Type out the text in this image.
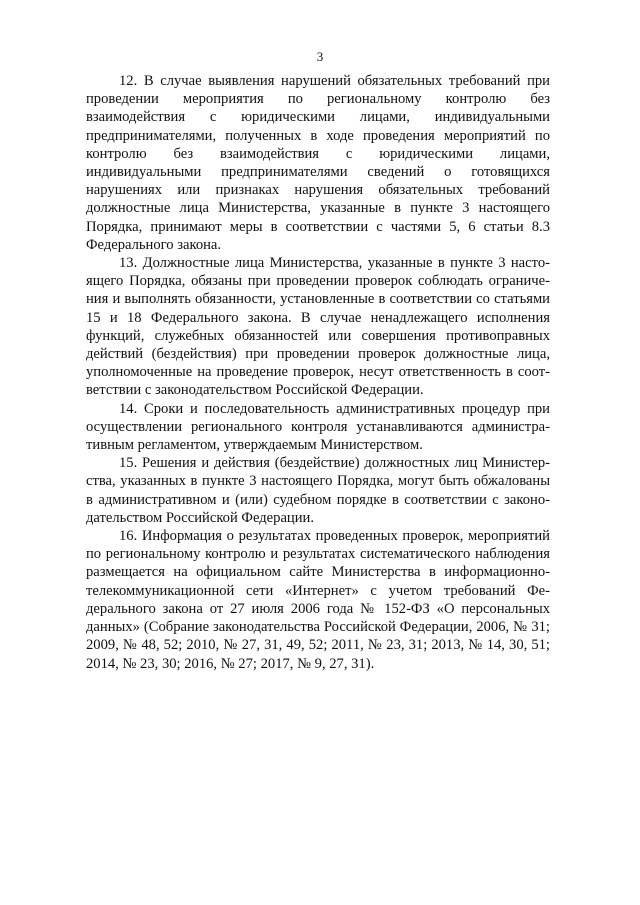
3

12. В случае выявления нарушений обязательных требований при проведении мероприятия по региональному контролю без взаимодействия с юридическими лицами, индивидуальными предпринимателями, полученных в ходе проведения мероприятий по контролю без взаимодействия с юридическими лицами, индивидуальными предпринимателями сведений о готовящихся нарушениях или признаках нарушения обязательных требований должностные лица Министерства, указанные в пункте 3 настоящего Порядка, принимают меры в соответствии с частями 5, 6 статьи 8.3 Федерального закона.

13. Должностные лица Министерства, указанные в пункте 3 настоящего Порядка, обязаны при проведении проверок соблюдать ограничения и выполнять обязанности, установленные в соответствии со статьями 15 и 18 Федерального закона. В случае ненадлежащего исполнения функций, служебных обязанностей или совершения противоправных действий (бездействия) при проведении проверок должностные лица, уполномоченные на проведение проверок, несут ответственность в соответствии с законодательством Российской Федерации.

14. Сроки и последовательность административных процедур при осуществлении регионального контроля устанавливаются административным регламентом, утверждаемым Министерством.

15. Решения и действия (бездействие) должностных лиц Министерства, указанных в пункте 3 настоящего Порядка, могут быть обжалованы в административном и (или) судебном порядке в соответствии с законодательством Российской Федерации.

16. Информация о результатах проведенных проверок, мероприятий по региональному контролю и результатах систематического наблюдения размещается на официальном сайте Министерства в информационно-телекоммуникационной сети «Интернет» с учетом требований Федерального закона от 27 июля 2006 года № 152-ФЗ «О персональных данных» (Собрание законодательства Российской Федерации, 2006, № 31; 2009, № 48, 52; 2010, № 27, 31, 49, 52; 2011, № 23, 31; 2013, № 14, 30, 51; 2014, № 23, 30; 2016, № 27; 2017, № 9, 27, 31).
